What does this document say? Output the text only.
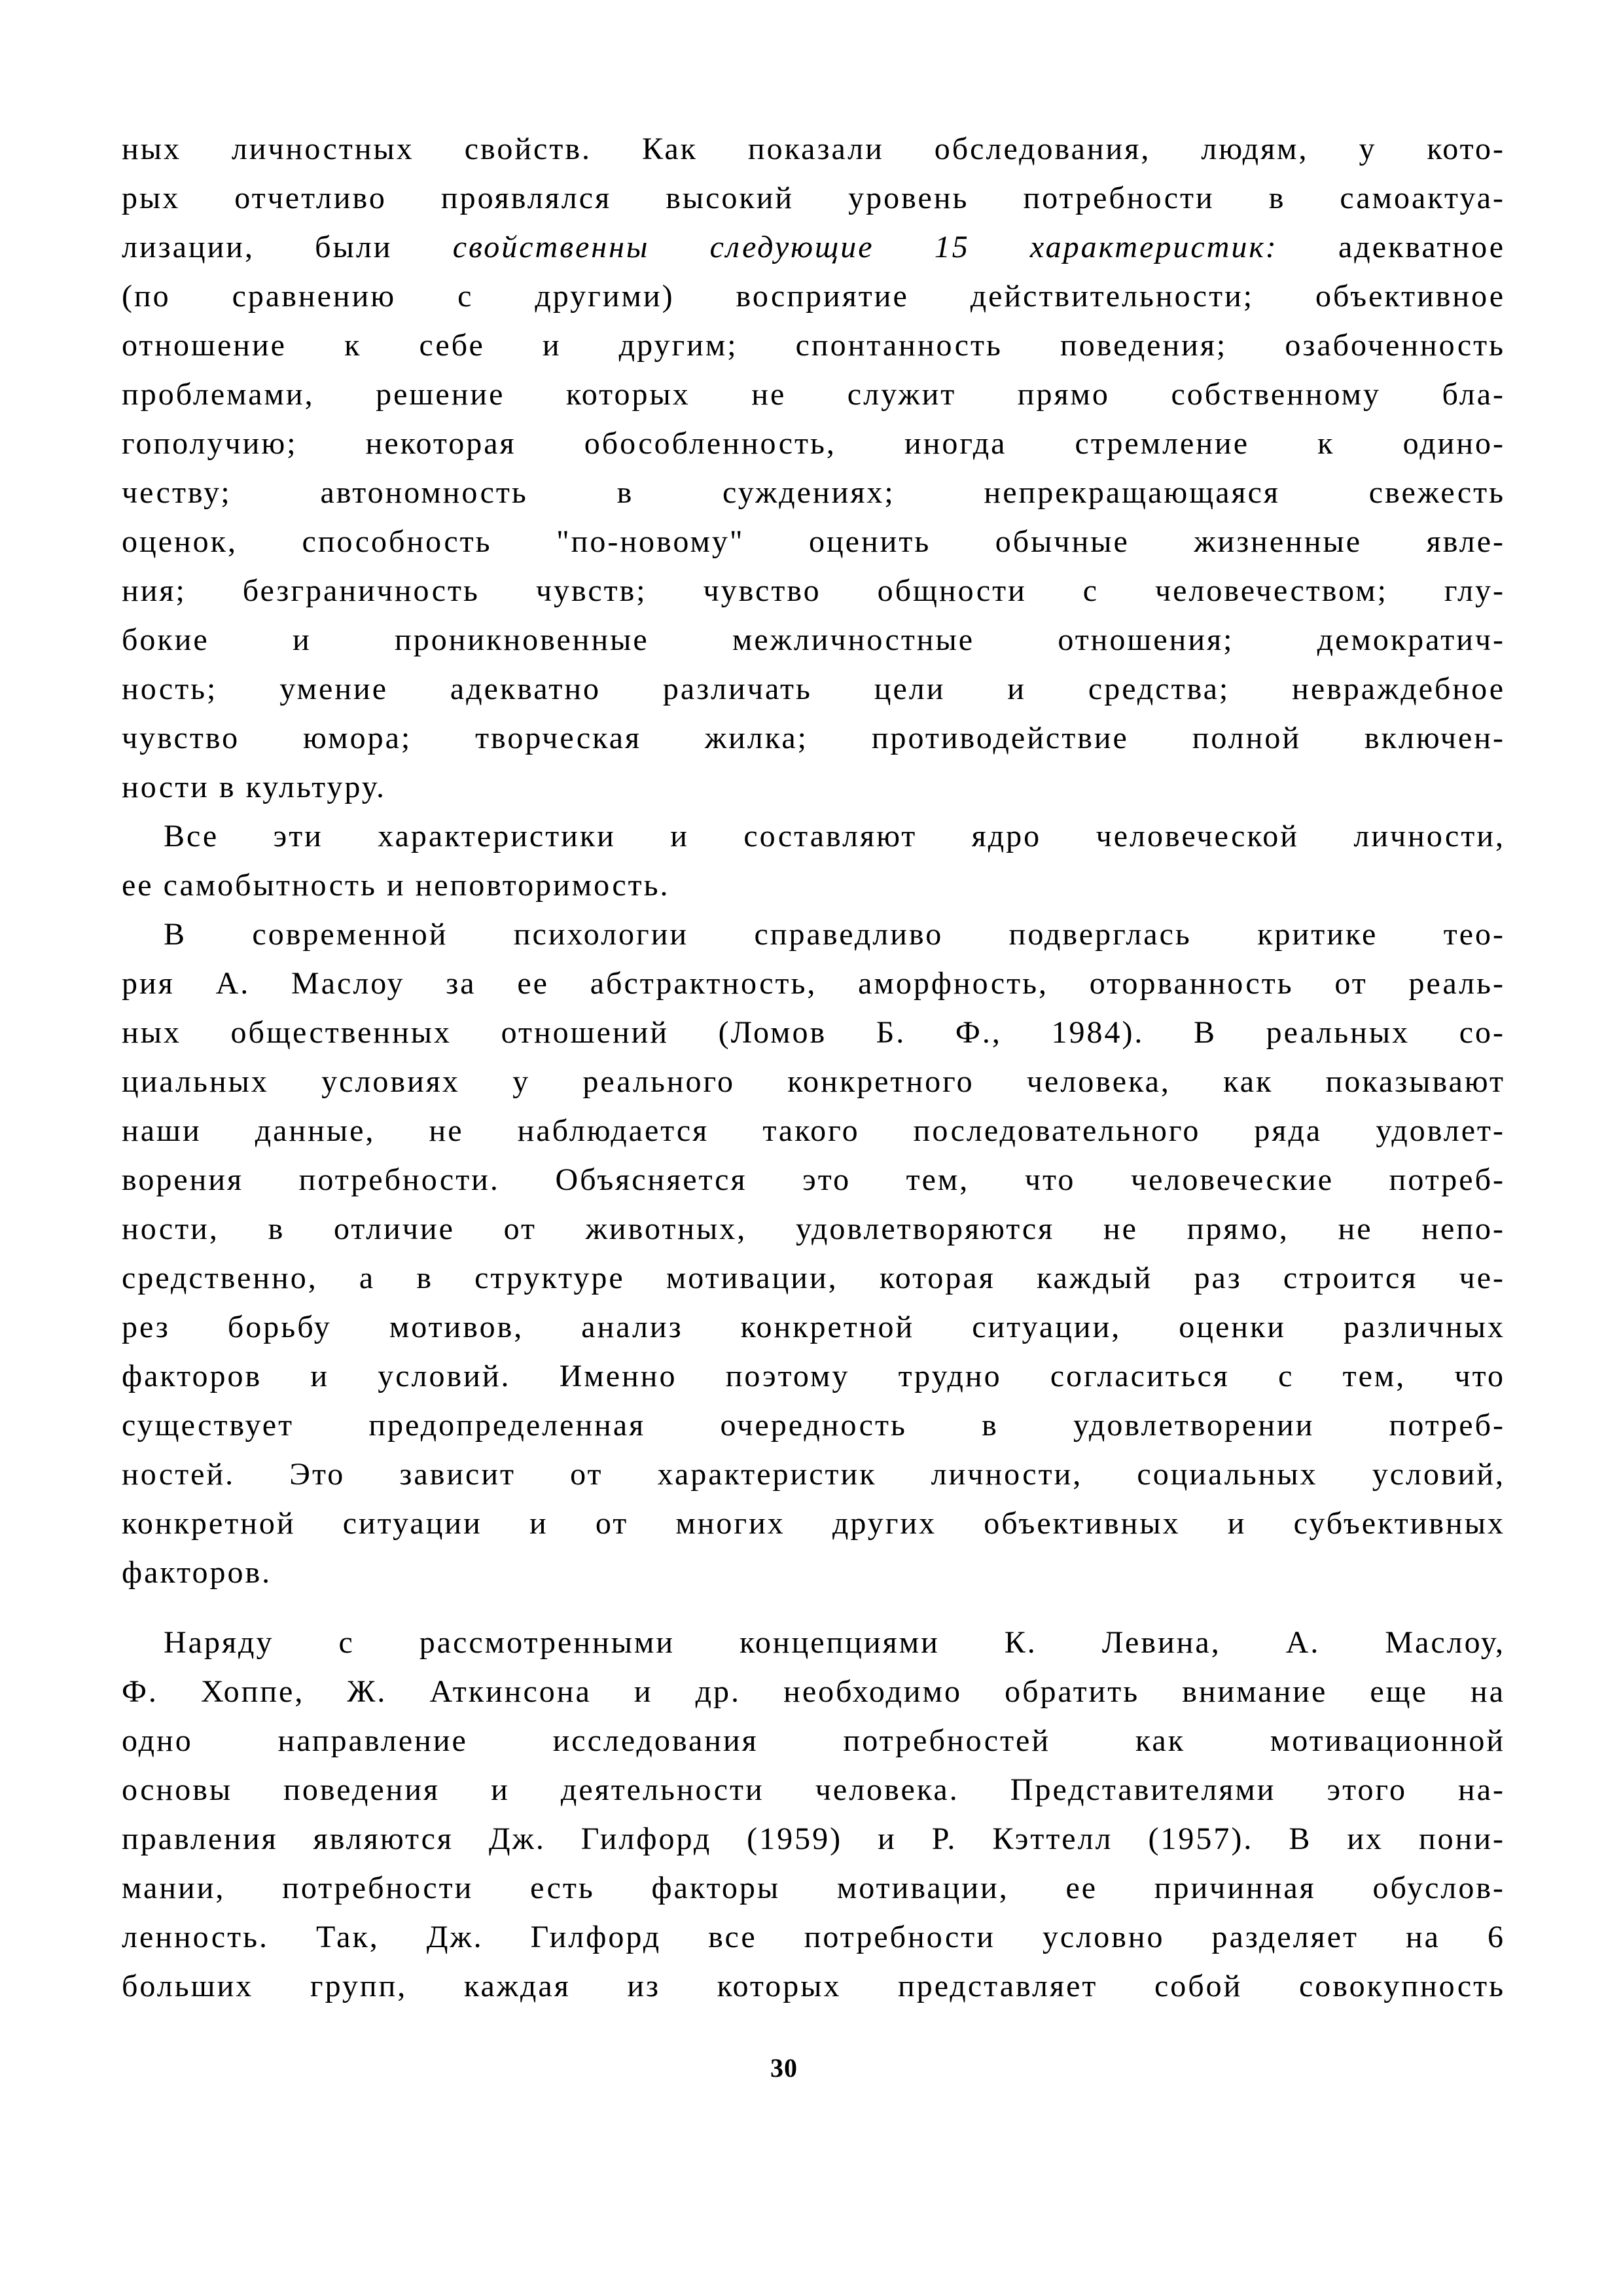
ных личностных свойств. Как показали обследования, людям, у кото-
рых отчетливо проявлялся высокий уровень потребности в самоактуа-
лизации, были свойственны следующие 15 характеристик: адекватное
(по сравнению с другими) восприятие действительности; объективное
отношение к себе и другим; спонтанность поведения; озабоченность
проблемами, решение которых не служит прямо собственному бла-
гополучию; некоторая обособленность, иногда стремление к одино-
честву; автономность в суждениях; непрекращающаяся свежесть
оценок, способность "по-новому" оценить обычные жизненные явле-
ния; безграничность чувств; чувство общности с человечеством; глу-
бокие и проникновенные межличностные отношения; демократич-
ность; умение адекватно различать цели и средства; невраждебное
чувство юмора; творческая жилка; противодействие полной включен-
ности в культуру.
Все эти характеристики и составляют ядро человеческой личности,
ее самобытность и неповторимость.
В современной психологии справедливо подверглась критике тео-
рия А. Маслоу за ее абстрактность, аморфность, оторванность от реаль-
ных общественных отношений (Ломов Б. Ф., 1984). В реальных со-
циальных условиях у реального конкретного человека, как показывают
наши данные, не наблюдается такого последовательного ряда удовлет-
ворения потребности. Объясняется это тем, что человеческие потреб-
ности, в отличие от животных, удовлетворяются не прямо, не непо-
средственно, а в структуре мотивации, которая каждый раз строится че-
рез борьбу мотивов, анализ конкретной ситуации, оценки различных
факторов и условий. Именно поэтому трудно согласиться с тем, что
существует предопределенная очередность в удовлетворении потреб-
ностей. Это зависит от характеристик личности, социальных условий,
конкретной ситуации и от многих других объективных и субъективных
факторов.
Наряду с рассмотренными концепциями К. Левина, А. Маслоу,
Ф. Хоппе, Ж. Аткинсона и др. необходимо обратить внимание еще на
одно направление исследования потребностей как мотивационной
основы поведения и деятельности человека. Представителями этого на-
правления являются Дж. Гилфорд (1959) и Р. Кэттелл (1957). В их пони-
мании, потребности есть факторы мотивации, ее причинная обуслов-
ленность. Так, Дж. Гилфорд все потребности условно разделяет на 6
больших групп, каждая из которых представляет собой совокупность
30
